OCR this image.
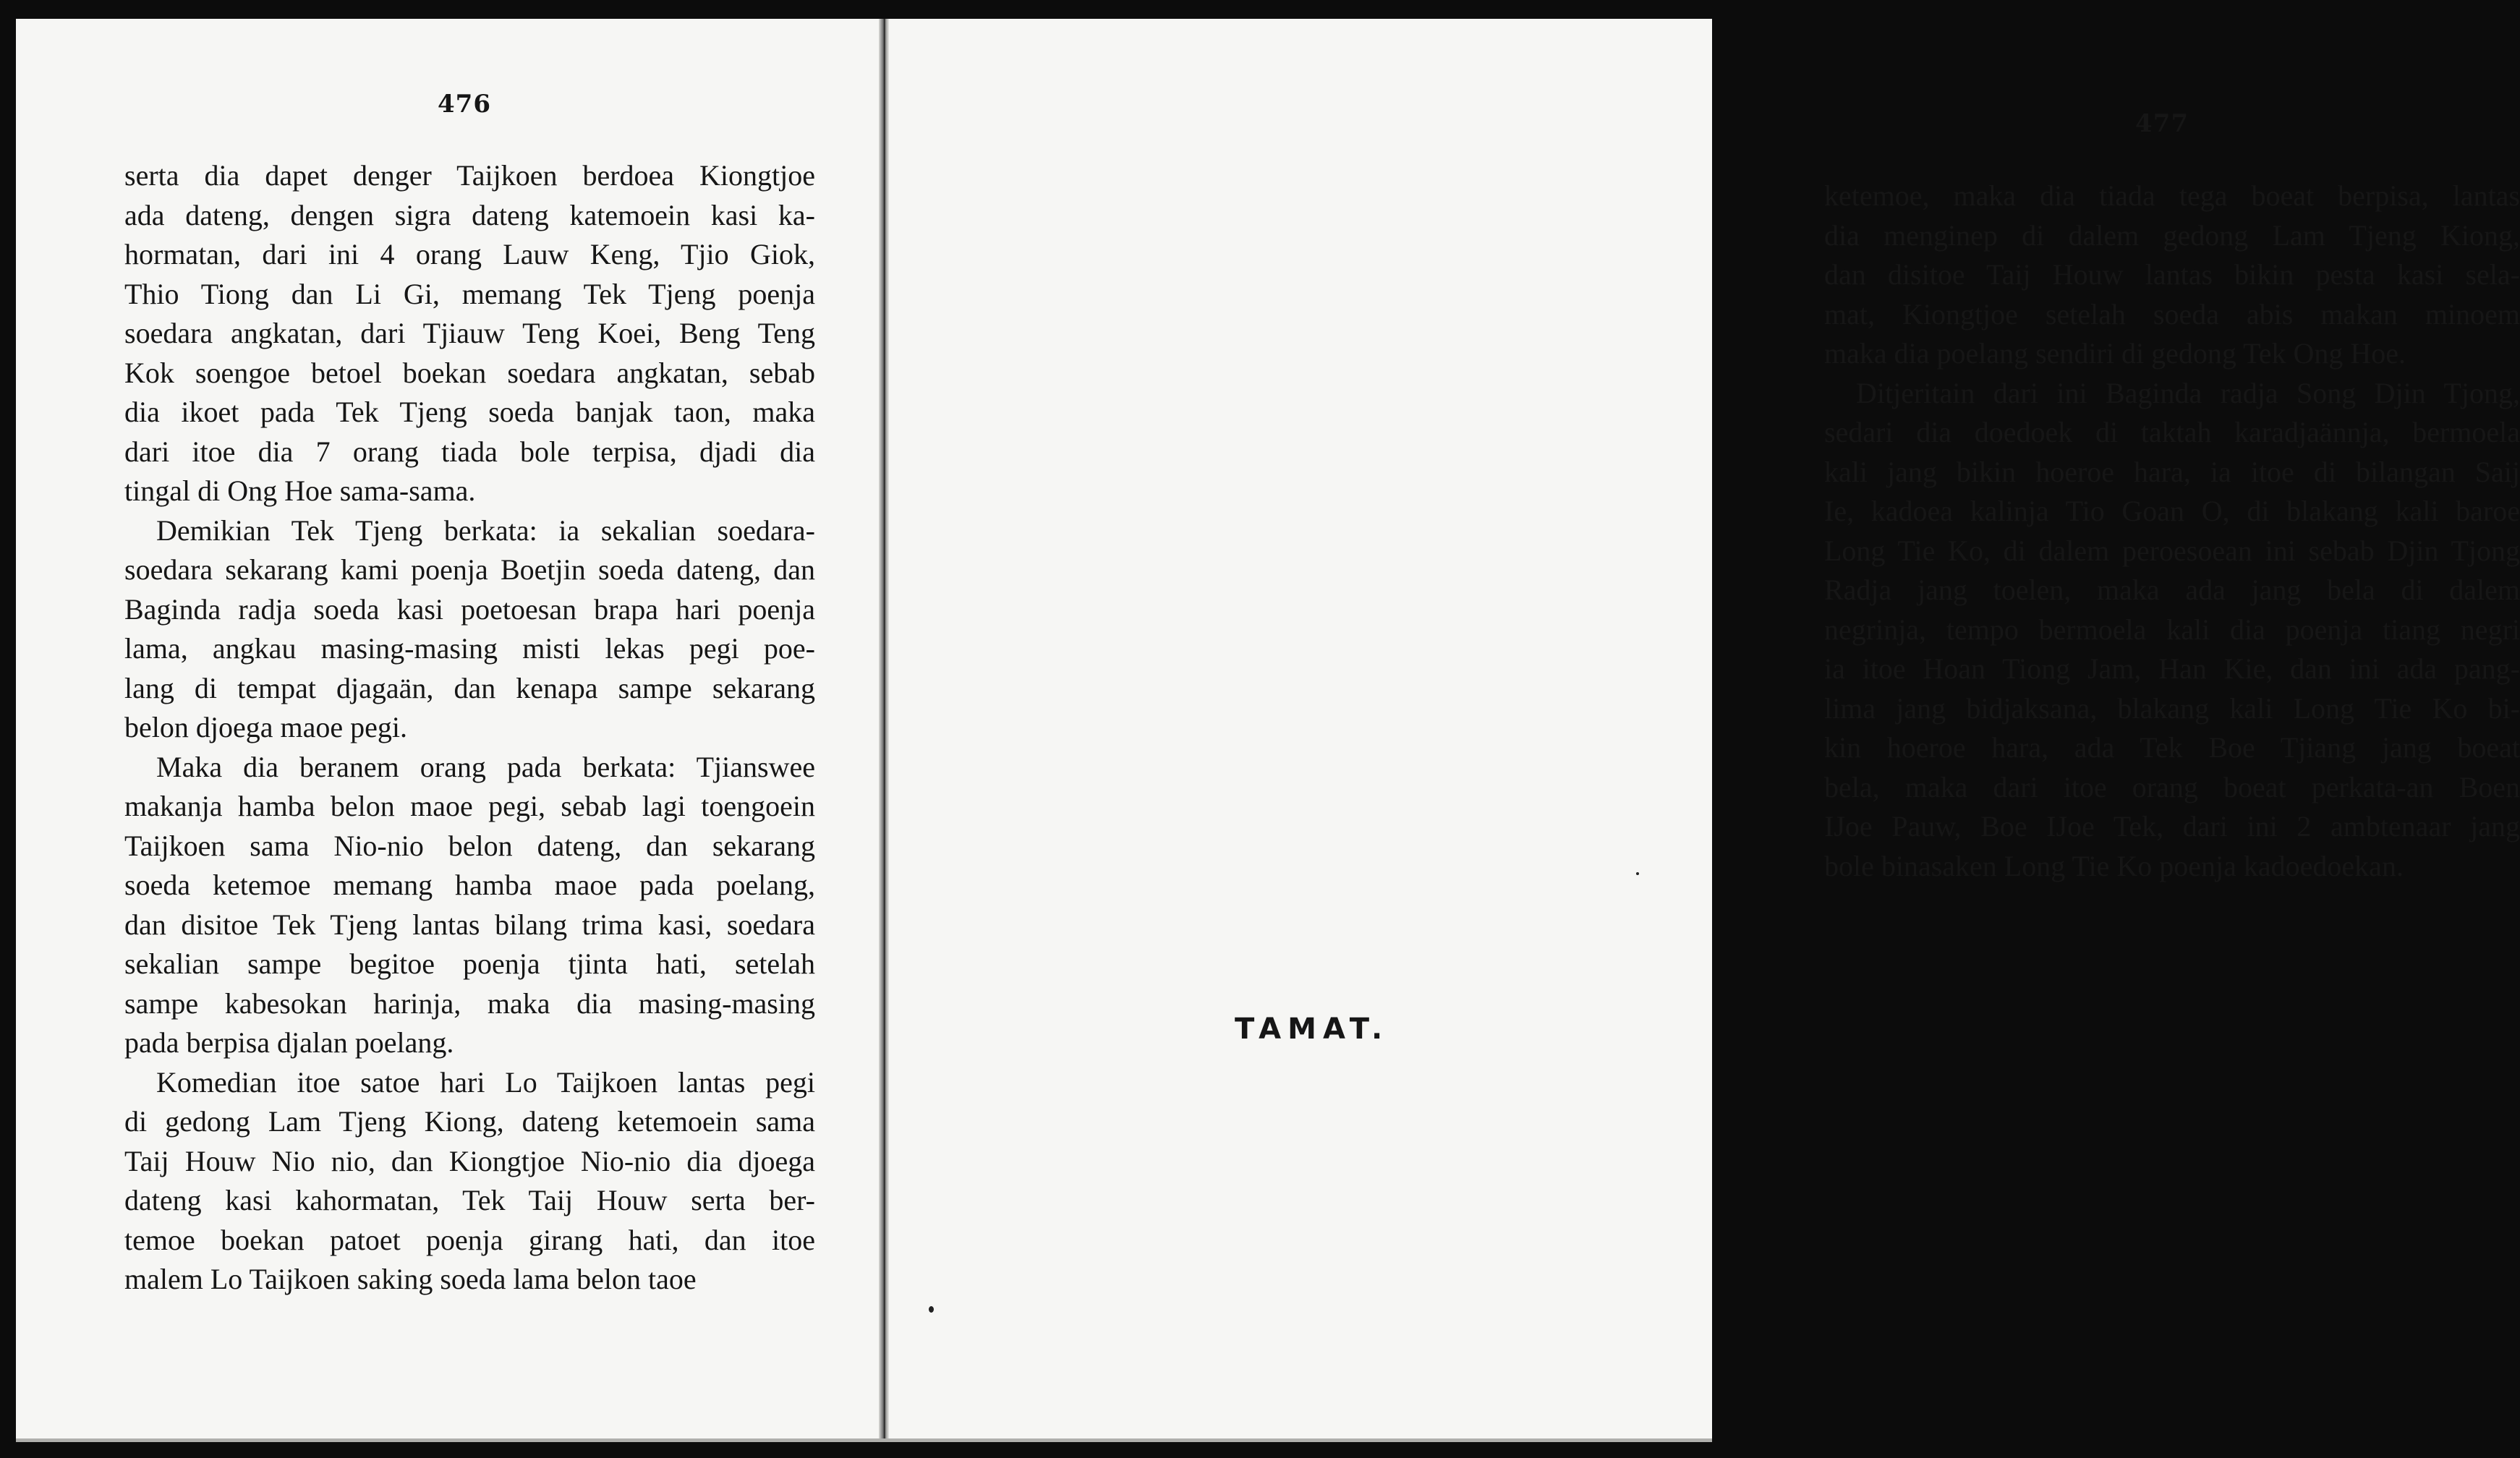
476
serta dia dapet denger Taijkoen berdoea Kiongtjoe
ada dateng, dengen sigra dateng katemoein kasi ka-
hormatan, dari ini 4 orang Lauw Keng, Tjio Giok,
Thio Tiong dan Li Gi, memang Tek Tjeng poenja
soedara angkatan, dari Tjiauw Teng Koei, Beng Teng
Kok soengoe betoel boekan soedara angkatan, sebab
dia ikoet pada Tek Tjeng soeda banjak taon, maka
dari itoe dia 7 orang tiada bole terpisa, djadi dia
tingal di Ong Hoe sama-sama.
Demikian Tek Tjeng berkata: ia sekalian soedara-
soedara sekarang kami poenja Boetjin soeda dateng, dan
Baginda radja soeda kasi poetoesan brapa hari poenja
lama, angkau masing-masing misti lekas pegi poe-
lang di tempat djagaän, dan kenapa sampe sekarang
belon djoega maoe pegi.
Maka dia beranem orang pada berkata: Tjianswee
makanja hamba belon maoe pegi, sebab lagi toengoein
Taijkoen sama Nio-nio belon dateng, dan sekarang
soeda ketemoe memang hamba maoe pada poelang,
dan disitoe Tek Tjeng lantas bilang trima kasi, soedara
sekalian sampe begitoe poenja tjinta hati, setelah
sampe kabesokan harinja, maka dia masing-masing
pada berpisa djalan poelang.
Komedian itoe satoe hari Lo Taijkoen lantas pegi
di gedong Lam Tjeng Kiong, dateng ketemoein sama
Taij Houw Nio nio, dan Kiongtjoe Nio-nio dia djoega
dateng kasi kahormatan, Tek Taij Houw serta ber-
temoe boekan patoet poenja girang hati, dan itoe
malem Lo Taijkoen saking soeda lama belon taoe
477
ketemoe, maka dia tiada tega boeat berpisa, lantas
dia menginep di dalem gedong Lam Tjeng Kiong,
dan disitoe Taij Houw lantas bikin pesta kasi sela-
mat, Kiongtjoe setelah soeda abis makan minoem
maka dia poelang sendiri di gedong Tek Ong Hoe.
Ditjeritain dari ini Baginda radja Song Djin Tjong,
sedari dia doedoek di taktah karadjaännja, bermoela
kali jang bikin hoeroe hara, ia itoe di bilangan Saij
Ie, kadoea kalinja Tio Goan O, di blakang kali baroe
Long Tie Ko, di dalem peroesoean ini sebab Djin Tjong
Radja jang toelen, maka ada jang bela di dalem
negrinja, tempo bermoela kali dia poenja tiang negri
ia itoe Hoan Tiong Jam, Han Kie, dan ini ada pang-
lima jang bidjaksana, blakang kali Long Tie Ko bi-
kin hoeroe hara, ada Tek Boe Tjiang jang boeat
bela, maka dari itoe orang boeat perkata-an Boen
IJoe Pauw, Boe IJoe Tek, dari ini 2 ambtenaar jang
bole binasaken Long Tie Ko poenja kadoedoekan.
TAMAT.
